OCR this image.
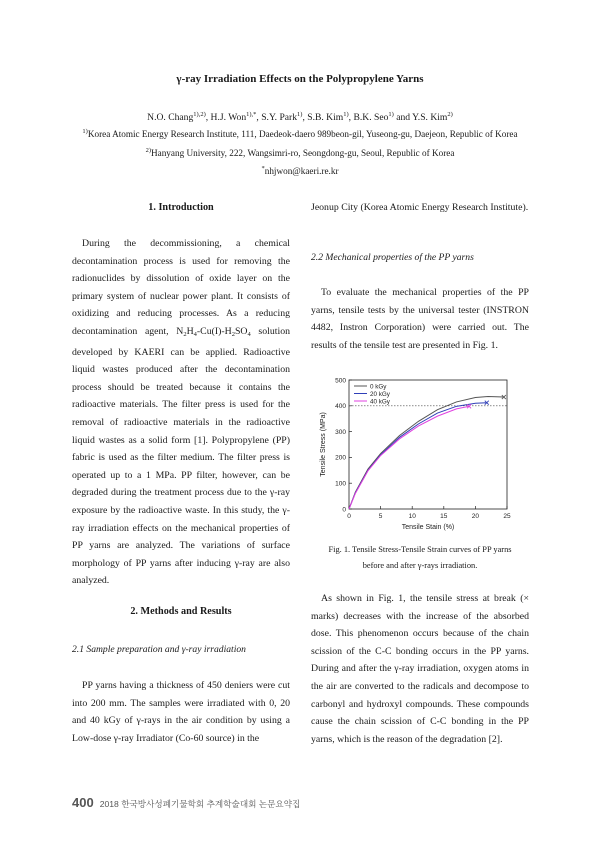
γ-ray Irradiation Effects on the Polypropylene Yarns
N.O. Chang$^{1),2)}$, H.J. Won$^{1),*}$, S.Y. Park$^{1)}$, S.B. Kim$^{1)}$, B.K. Seo$^{1)}$ and Y.S. Kim$^{2)}$
$^{1)}$Korea Atomic Energy Research Institute, 111, Daedeok-daero 989beon-gil, Yuseong-gu, Daejeon, Republic of Korea
$^{2)}$Hanyang University, 222, Wangsimri-ro, Seongdong-gu, Seoul, Republic of Korea
*nhjwon@kaeri.re.kr
1. Introduction
During the decommissioning, a chemical decontamination process is used for removing the radionuclides by dissolution of oxide layer on the primary system of nuclear power plant. It consists of oxidizing and reducing processes. As a reducing decontamination agent, $N_2H_4-Cu(I)-H_2SO_4$ solution developed by KAERI can be applied. Radioactive liquid wastes produced after the decontamination process should be treated because it contains the radioactive materials. The filter press is used for the removal of radioactive materials in the radioactive liquid wastes as a solid form [1]. Polypropylene (PP) fabric is used as the filter medium. The filter press is operated up to a 1 MPa. PP filter, however, can be degraded during the treatment process due to the γ-ray exposure by the radioactive waste. In this study, the γ-ray irradiation effects on the mechanical properties of PP yarns are analyzed. The variations of surface morphology of PP yarns after inducing γ-ray are also analyzed.
2. Methods and Results
2.1 Sample preparation and γ-ray irradiation
PP yarns having a thickness of 450 deniers were cut into 200 mm. The samples were irradiated with 0, 20 and 40 kGy of γ-rays in the air condition by using a Low-dose γ-ray Irradiator (Co-60 source) in the
Jeonup City (Korea Atomic Energy Research Institute).
2.2 Mechanical properties of the PP yarns
To evaluate the mechanical properties of the PP yarns, tensile tests by the universal tester (INSTRON 4482, Instron Corporation) were carried out. The results of the tensile test are presented in Fig. 1.
0	5	10	15	20	25
0
100
200
300
400
500
Tensile Stain (%)
Tensile Stress (MPa)
0 kGy
20 kGy
40 kGy
Fig. 1. Tensile Stress-Tensile Strain curves of PP yarns
before and after γ-rays irradiation.
As shown in Fig. 1, the tensile stress at break (× marks) decreases with the increase of the absorbed dose. This phenomenon occurs because of the chain scission of the C-C bonding occurs in the PP yarns. During and after the γ-ray irradiation, oxygen atoms in the air are converted to the radicals and decompose to carbonyl and hydroxyl compounds. These compounds cause the chain scission of C-C bonding in the PP yarns, which is the reason of the degradation [2].
400 2018 한국방사성폐기물학회 추계학술대회 논문요약집
